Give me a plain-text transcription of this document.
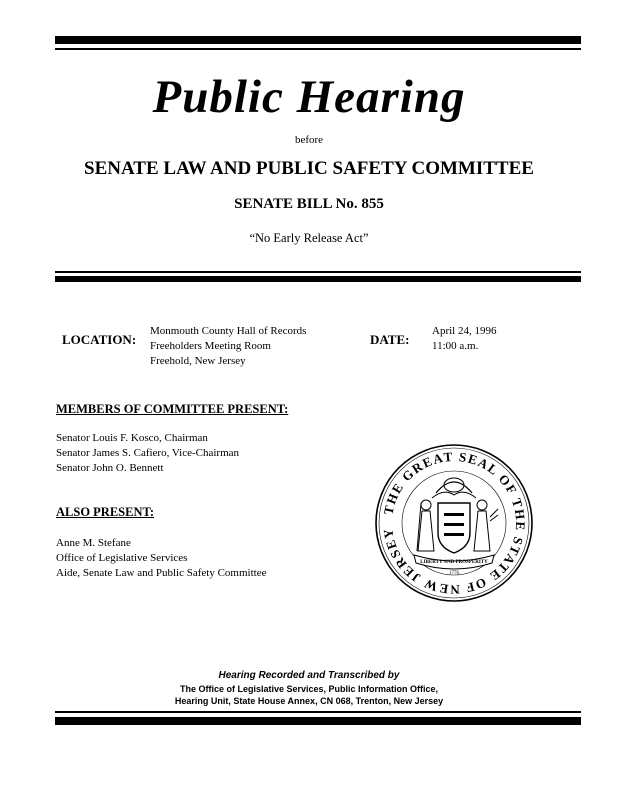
Public Hearing
before
SENATE LAW AND PUBLIC SAFETY COMMITTEE
SENATE BILL No. 855
“No Early Release Act”
LOCATION:
Monmouth County Hall of Records
Freeholders Meeting Room
Freehold, New Jersey
DATE:
April 24, 1996
11:00 a.m.
MEMBERS OF COMMITTEE PRESENT:
Senator Louis F. Kosco, Chairman
Senator James S. Cafiero, Vice-Chairman
Senator John O. Bennett
ALSO PRESENT:
Anne M. Stefane
Office of Legislative Services
Aide, Senate Law and Public Safety Committee
THE GREAT SEAL OF THE STATE OF NEW JERSEY
LIBERTY AND PROSPERITY
1776
Hearing Recorded and Transcribed by
The Office of Legislative Services, Public Information Office,
Hearing Unit, State House Annex, CN 068, Trenton, New Jersey
